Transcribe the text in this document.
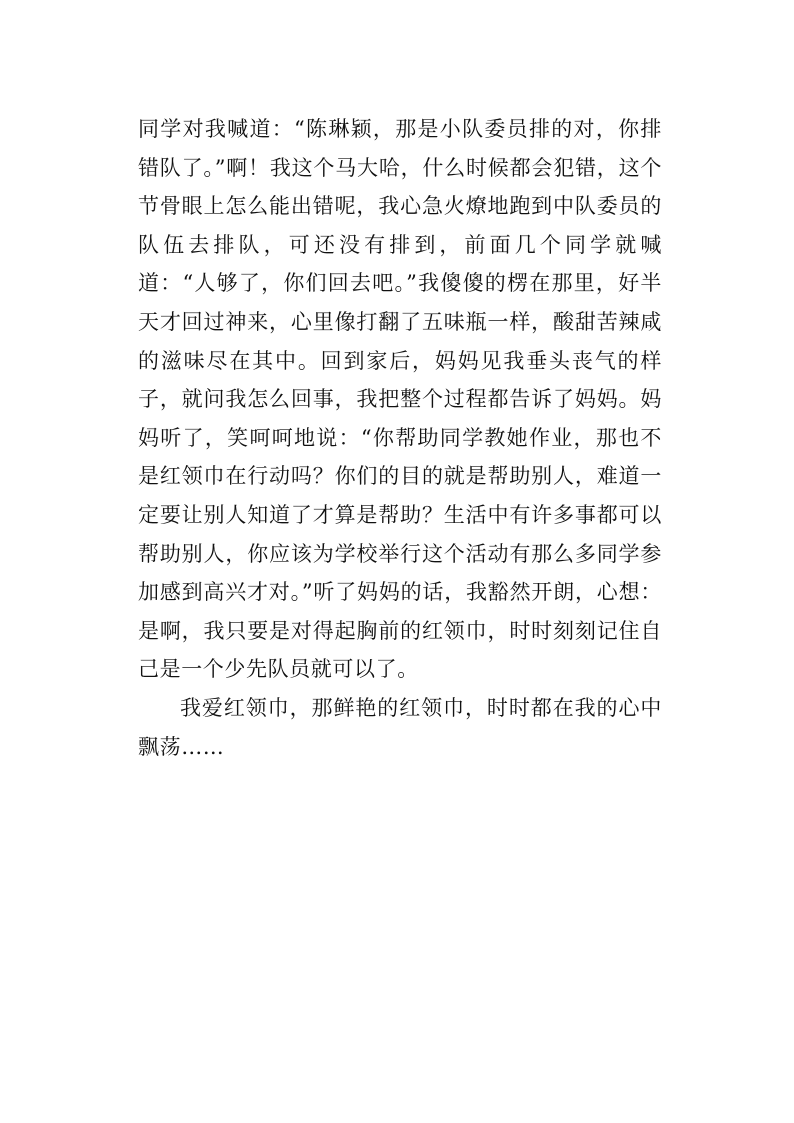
同学对我喊道：“陈琳颖，那是小队委员排的对，你排错队了。”啊！我这个马大哈，什么时候都会犯错，这个节骨眼上怎么能出错呢，我心急火燎地跑到中队委员的队伍去排队，可还没有排到，前面几个同学就喊道：“人够了，你们回去吧。”我傻傻的楞在那里，好半天才回过神来，心里像打翻了五味瓶一样，酸甜苦辣咸的滋味尽在其中。回到家后，妈妈见我垂头丧气的样子，就问我怎么回事，我把整个过程都告诉了妈妈。妈妈听了，笑呵呵地说：“你帮助同学教她作业，那也不是红领巾在行动吗？你们的目的就是帮助别人，难道一定要让别人知道了才算是帮助？生活中有许多事都可以帮助别人，你应该为学校举行这个活动有那么多同学参加感到高兴才对。”听了妈妈的话，我豁然开朗，心想：是啊，我只要是对得起胸前的红领巾，时时刻刻记住自己是一个少先队员就可以了。

我爱红领巾，那鲜艳的红领巾，时时都在我的心中飘荡……
